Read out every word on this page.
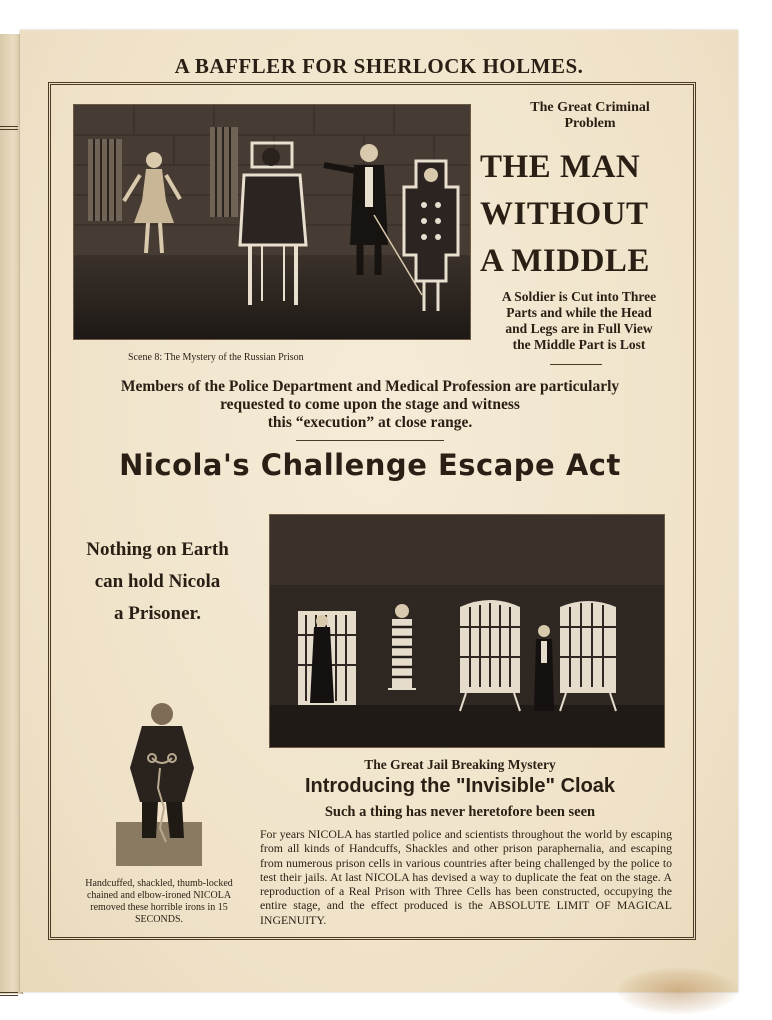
A BAFFLER FOR SHERLOCK HOLMES.
Scene 8: The Mystery of the Russian Prison
The Great Criminal
Problem
THE MAN
WITHOUT
A MIDDLE
A Soldier is Cut into Three
Parts and while the Head
and Legs are in Full View
the Middle Part is Lost
Members of the Police Department and Medical Profession are particularly
requested to come upon the stage and witness
this “execution” at close range.
Nicola's Challenge Escape Act
Nothing on Earth
can hold Nicola
a Prisoner.
Handcuffed, shackled, thumb-locked chained and elbow-ironed NICOLA removed these horrible irons in 15 SECONDS.
The Great Jail Breaking Mystery
Introducing the "Invisible" Cloak
Such a thing has never heretofore been seen
For years NICOLA has startled police and scientists throughout the world by escaping from all kinds of Handcuffs, Shackles and other prison paraphernalia, and escaping from numerous prison cells in various countries after being challenged by the police to test their jails. At last NICOLA has devised a way to duplicate the feat on the stage. A reproduction of a Real Prison with Three Cells has been constructed, occupying the entire stage, and the effect produced is the ABSOLUTE LIMIT OF MAGICAL INGENUITY.
